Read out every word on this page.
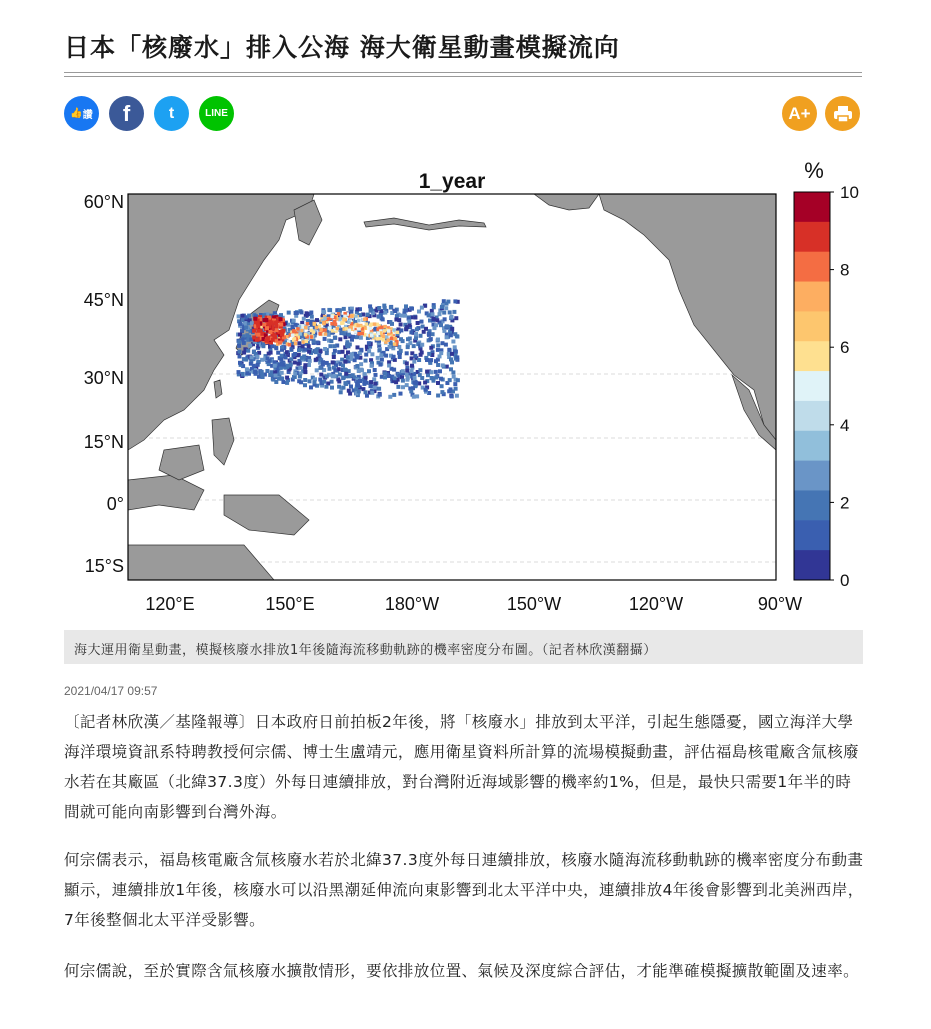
日本「核廢水」排入公海 海大衛星動畫模擬流向
👍 讚 f t	LINE	A+
1_year
60°N
45°N
30°N
15°N
0°
15°S
120°E	150°E	180°W	150°W	120°W	90°W
%
10
8
6
4
2
0
海大運用衛星動畫，模擬核廢水排放1年後隨海流移動軌跡的機率密度分布圖。（記者林欣漢翻攝）
2021/04/17 09:57
〔記者林欣漢／基隆報導〕日本政府日前拍板2年後，將「核廢水」排放到太平洋，引起生態隱憂，國立海洋大學海洋環境資訊系特聘教授何宗儒、博士生盧靖元，應用衛星資料所計算的流場模擬動畫，評估福島核電廠含氚核廢水若在其廠區（北緯37.3度）外每日連續排放，對台灣附近海域影響的機率約1%，但是，最快只需要1年半的時間就可能向南影響到台灣外海。
何宗儒表示，福島核電廠含氚核廢水若於北緯37.3度外每日連續排放，核廢水隨海流移動軌跡的機率密度分布動畫顯示，連續排放1年後，核廢水可以沿黑潮延伸流向東影響到北太平洋中央，連續排放4年後會影響到北美洲西岸，7年後整個北太平洋受影響。
何宗儒說，至於實際含氚核廢水擴散情形，要依排放位置、氣候及深度綜合評估，才能準確模擬擴散範圍及速率。
